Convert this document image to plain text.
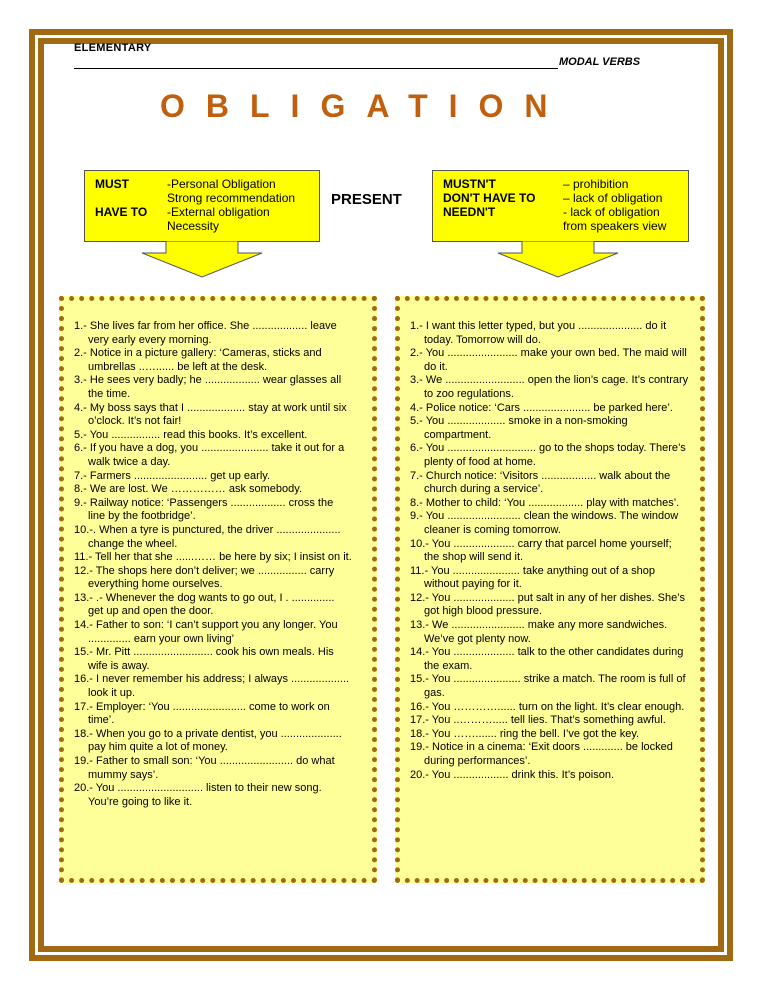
ELEMENTARY
MODAL VERBS
OBLIGATION
MUST	-Personal Obligation
Strong recommendation
HAVE TO	-External obligation
Necessity
PRESENT
MUSTN'T	– prohibition
DON'T HAVE TO	– lack of obligation
NEEDN'T	- lack of obligation
from speakers view
1.- She lives far from her office. She .................. leave very early every morning.
2.- Notice in a picture gallery: ‘Cameras, sticks and umbrellas ..…...... be left at the desk.
3.- He sees very badly; he .................. wear glasses all the time.
4.- My boss says that I ................... stay at work until six o’clock. It’s not fair!
5.- You ................ read this books. It’s excellent.
6.- If you have a dog, you ...................... take it out for a walk twice a day.
7.- Farmers ........................ get up early.
8.- We are lost. We …………… ask somebody.
9.- Railway notice: ‘Passengers .................. cross the line by the footbridge’.
10.-. When a tyre is punctured, the driver ..................... change the wheel.
11.- Tell her that she ......…… be here by six; I insist on it.
12.- The shops here don’t deliver; we ................ carry everything home ourselves.
13.- .- Whenever the dog wants to go out, I . .............. get up and open the door.
14.- Father to son: ‘I can’t support you any longer. You .............. earn your own living’
15.- Mr. Pitt .......................... cook his own meals. His wife is away.
16.- I never remember his address; I always ................... look it up.
17.- Employer: ‘You ........................ come to work on time’.
18.- When you go to a private dentist, you .................... pay him quite a lot of money.
19.- Father to small son: ‘You ........................ do what mummy says’.
20.- You ............................ listen to their new song. You’re going to like it.
1.- I want this letter typed, but you ..................... do it today. Tomorrow will do.
2.- You ....................... make your own bed. The maid will do it.
3.- We .......................... open the lion’s cage. It’s contrary to zoo regulations.
4.- Police notice: ‘Cars ...................... be parked here’.
5.- You ................... smoke in a non-smoking compartment.
6.- You ............................. go to the shops today. There’s plenty of food at home.
7.- Church notice: ‘Visitors .................. walk about the church during a service’.
8.- Mother to child: ‘You .................. play with matches’.
9.- You ........................ clean the windows. The window cleaner is coming tomorrow.
10.- You .................... carry that parcel home yourself; the shop will send it.
11.- You ...................... take anything out of a shop without paying for it.
12.- You .................... put salt in any of her dishes. She’s got high blood pressure.
13.- We ........................ make any more sandwiches. We’ve got plenty now.
14.- You .................... talk to the other candidates during the exam.
15.- You ...................... strike a match. The room is full of gas.
16.- You …………...... turn on the light. It’s clear enough.
17.- You ..………..... tell lies. That’s something awful.
18.- You ……....... ring the bell. I’ve got the key.
19.- Notice in a cinema: ‘Exit doors ............. be locked during performances’.
20.- You .................. drink this. It’s poison.
